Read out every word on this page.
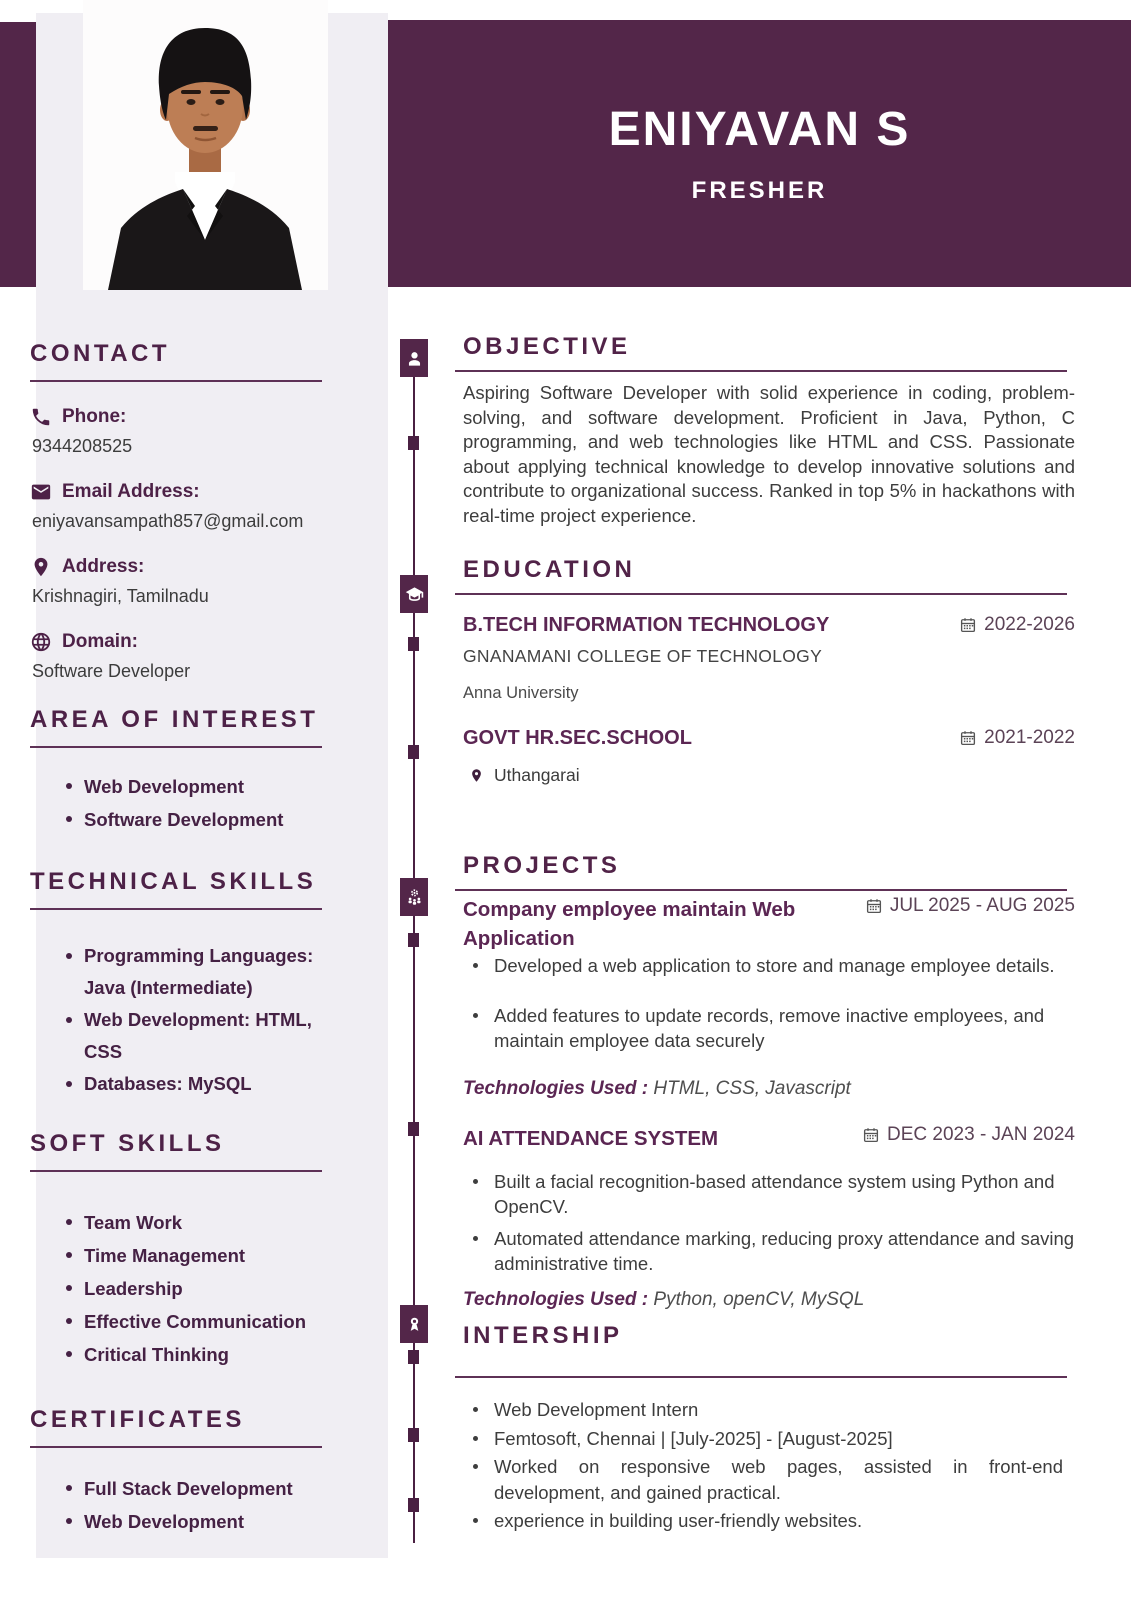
ENIYAVAN S
FRESHER
CONTACT
Phone:
9344208525
Email Address:
eniyavansampath857@gmail.com
Address:
Krishnagiri, Tamilnadu
Domain:
Software Developer
AREA OF INTEREST
Web Development
Software Development
TECHNICAL SKILLS
Programming Languages: Java (Intermediate)
Web Development: HTML, CSS
Databases: MySQL
SOFT SKILLS
Team Work
Time Management
Leadership
Effective Communication
Critical Thinking
CERTIFICATES
Full Stack Development
Web Development
OBJECTIVE

Aspiring Software Developer with solid experience in coding, problem-solving, and software development. Proficient in Java, Python, C programming, and web technologies like HTML and CSS. Passionate about applying technical knowledge to develop innovative solutions and contribute to organizational success. Ranked in top 5% in hackathons with real-time project experience.

EDUCATION
B.TECH INFORMATION TECHNOLOGY	2022-2026
GNANAMANI COLLEGE OF TECHNOLOGY
Anna University
GOVT HR.SEC.SCHOOL	2021-2022
Uthangarai
PROJECTS
Company employee maintain Web Application
JUL 2025 - AUG 2025
Developed a web application to store and manage employee details.
Added features to update records, remove inactive employees, and maintain employee data securely
Technologies Used : HTML, CSS, Javascript
AI ATTENDANCE SYSTEM	DEC 2023 - JAN 2024
Built a facial recognition-based attendance system using Python and OpenCV.
Automated attendance marking, reducing proxy attendance and saving administrative time.
Technologies Used : Python, openCV, MySQL
INTERSHIP
Web Development Intern
Femtosoft, Chennai | [July-2025] - [August-2025]
Worked on responsive web pages, assisted in front-end development, and gained practical.
experience in building user-friendly websites.
